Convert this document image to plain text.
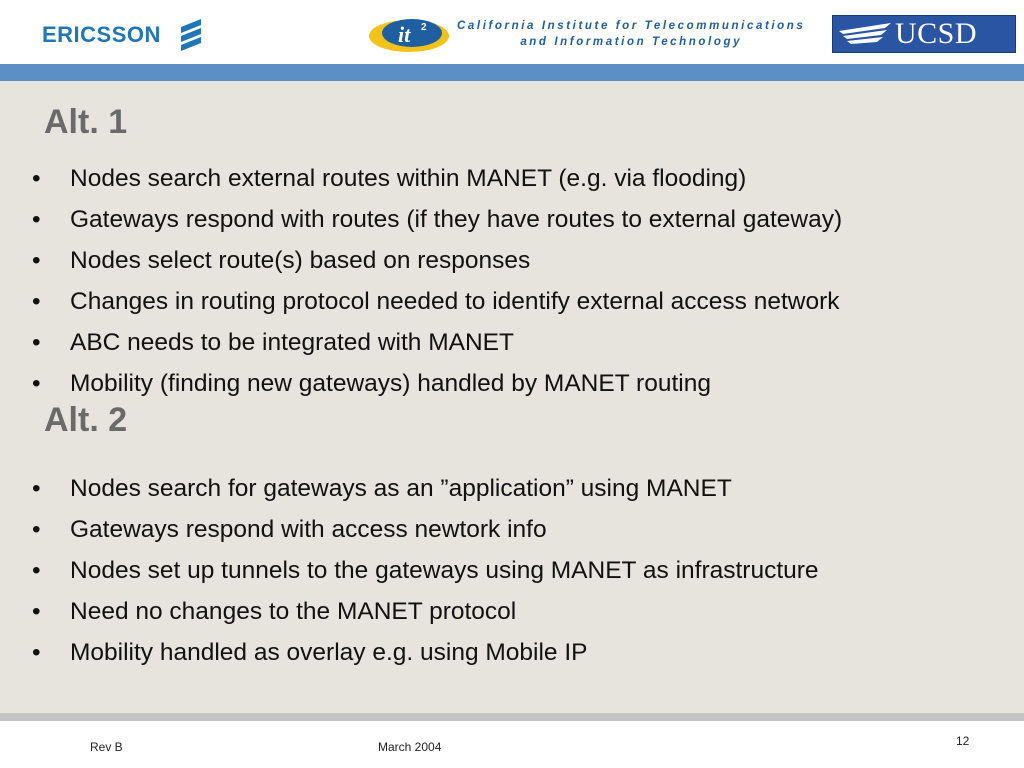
ERICSSON	it 2	California Institute for Telecommunications
and Information Technology	UCSD
Alt. 1
• Nodes search external routes within MANET (e.g. via flooding)
• Gateways respond with routes (if they have routes to external gateway)
• Nodes select route(s) based on responses
• Changes in routing protocol needed to identify external access network
• ABC needs to be integrated with MANET
• Mobility (finding new gateways) handled by MANET routing
Alt. 2
• Nodes search for gateways as an ”application” using MANET
• Gateways respond with access newtork info
• Nodes set up tunnels to the gateways using MANET as infrastructure
• Need no changes to the MANET protocol
• Mobility handled as overlay e.g. using Mobile IP
Rev B	March 2004	12
